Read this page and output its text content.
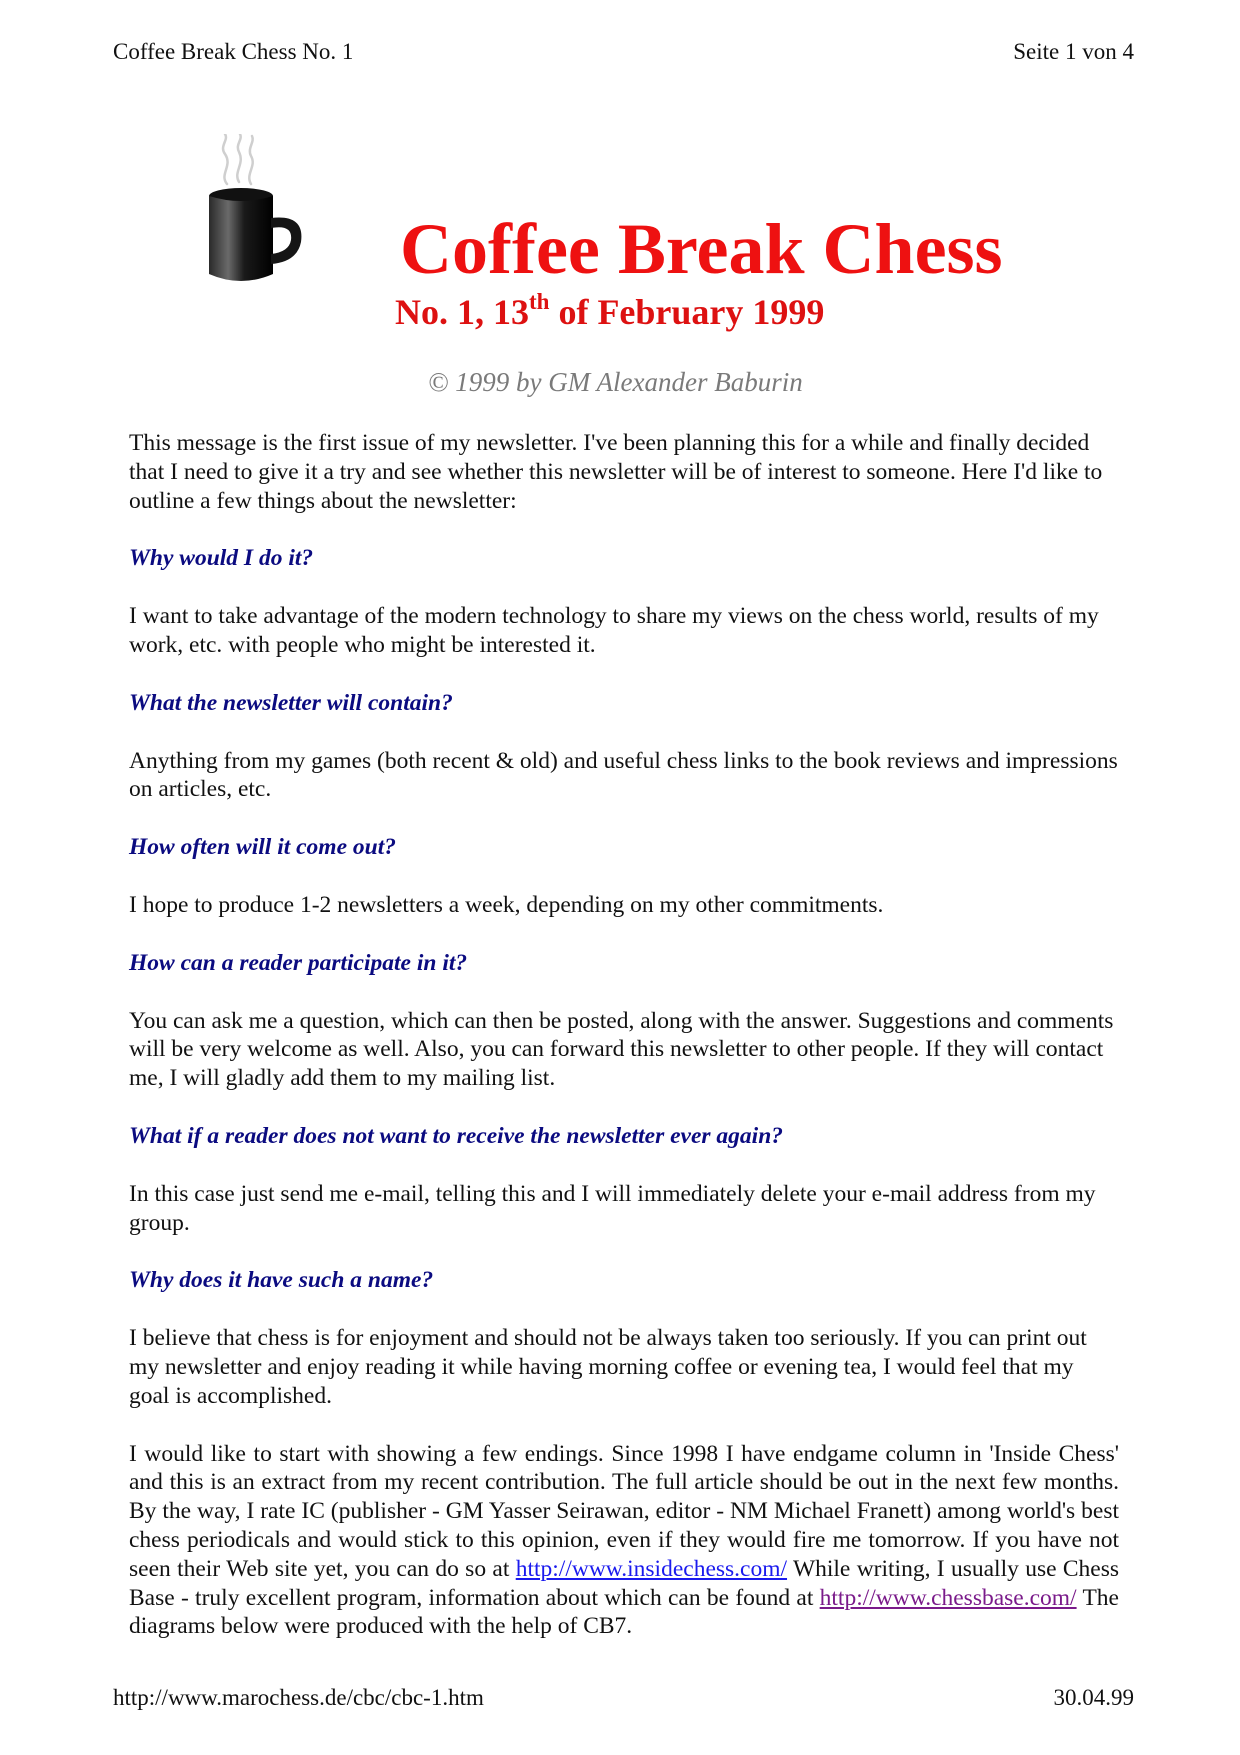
Coffee Break Chess No. 1	Seite 1 von 4
Coffee Break Chess
No. 1, 13th of February 1999
© 1999 by GM Alexander Baburin

This message is the first issue of my newsletter. I've been planning this for a while and finally decided that I need to give it a try and see whether this newsletter will be of interest to someone. Here I'd like to outline a few things about the newsletter:

Why would I do it?

I want to take advantage of the modern technology to share my views on the chess world, results of my work, etc. with people who might be interested it.

What the newsletter will contain?

Anything from my games (both recent & old) and useful chess links to the book reviews and impressions on articles, etc.

How often will it come out?

I hope to produce 1-2 newsletters a week, depending on my other commitments.

How can a reader participate in it?

You can ask me a question, which can then be posted, along with the answer. Suggestions and comments will be very welcome as well. Also, you can forward this newsletter to other people. If they will contact me, I will gladly add them to my mailing list.

What if a reader does not want to receive the newsletter ever again?

In this case just send me e-mail, telling this and I will immediately delete your e-mail address from my group.

Why does it have such a name?

I believe that chess is for enjoyment and should not be always taken too seriously. If you can print out my newsletter and enjoy reading it while having morning coffee or evening tea, I would feel that my goal is accomplished.

I would like to start with showing a few endings. Since 1998 I have endgame column in 'Inside Chess' and this is an extract from my recent contribution. The full article should be out in the next few months. By the way, I rate IC (publisher - GM Yasser Seirawan, editor - NM Michael Franett) among world's best chess periodicals and would stick to this opinion, even if they would fire me tomorrow. If you have not seen their Web site yet, you can do so at http://www.insidechess.com/ While writing, I usually use Chess Base - truly excellent program, information about which can be found at http://www.chessbase.com/ The diagrams below were produced with the help of CB7.

http://www.marochess.de/cbc/cbc-1.htm	30.04.99
